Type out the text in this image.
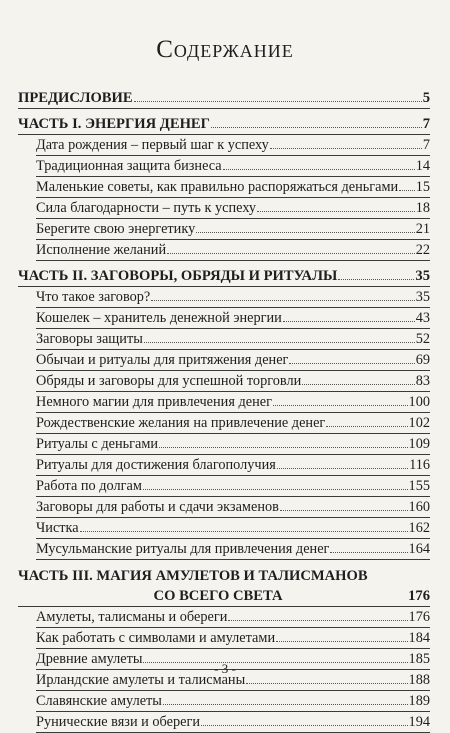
Содержание
ПРЕДИСЛОВИЕ	5
ЧАСТЬ I. ЭНЕРГИЯ ДЕНЕГ	7
Дата рождения – первый шаг к успеху	7
Традиционная защита бизнеса	14
Маленькие советы, как правильно распоряжаться деньгами 15
Сила благодарности – путь к успеху	18
Берегите свою энергетику	21
Исполнение желаний	22
ЧАСТЬ II. ЗАГОВОРЫ, ОБРЯДЫ И РИТУАЛЫ	35
Что такое заговор?	35
Кошелек – хранитель денежной энергии	43
Заговоры защиты	52
Обычаи и ритуалы для притяжения денег	69
Обряды и заговоры для успешной торговли	83
Немного магии для привлечения денег	100
Рождественские желания на привлечение денег	102
Ритуалы с деньгами	109
Ритуалы для достижения благополучия	116
Работа по долгам	155
Заговоры для работы и сдачи экзаменов	160
Чистка	162
Мусульманские ритуалы для привлечения денег	164
ЧАСТЬ III. МАГИЯ АМУЛЕТОВ И ТАЛИСМАНОВ
СО ВСЕГО СВЕТА	176
Амулеты, талисманы и обереги	176
Как работать с символами и амулетами	184
Древние амулеты	185
Ирландские амулеты и талисманы	188
Славянские амулеты	189
Рунические вязи и обереги	194
- 3 -
